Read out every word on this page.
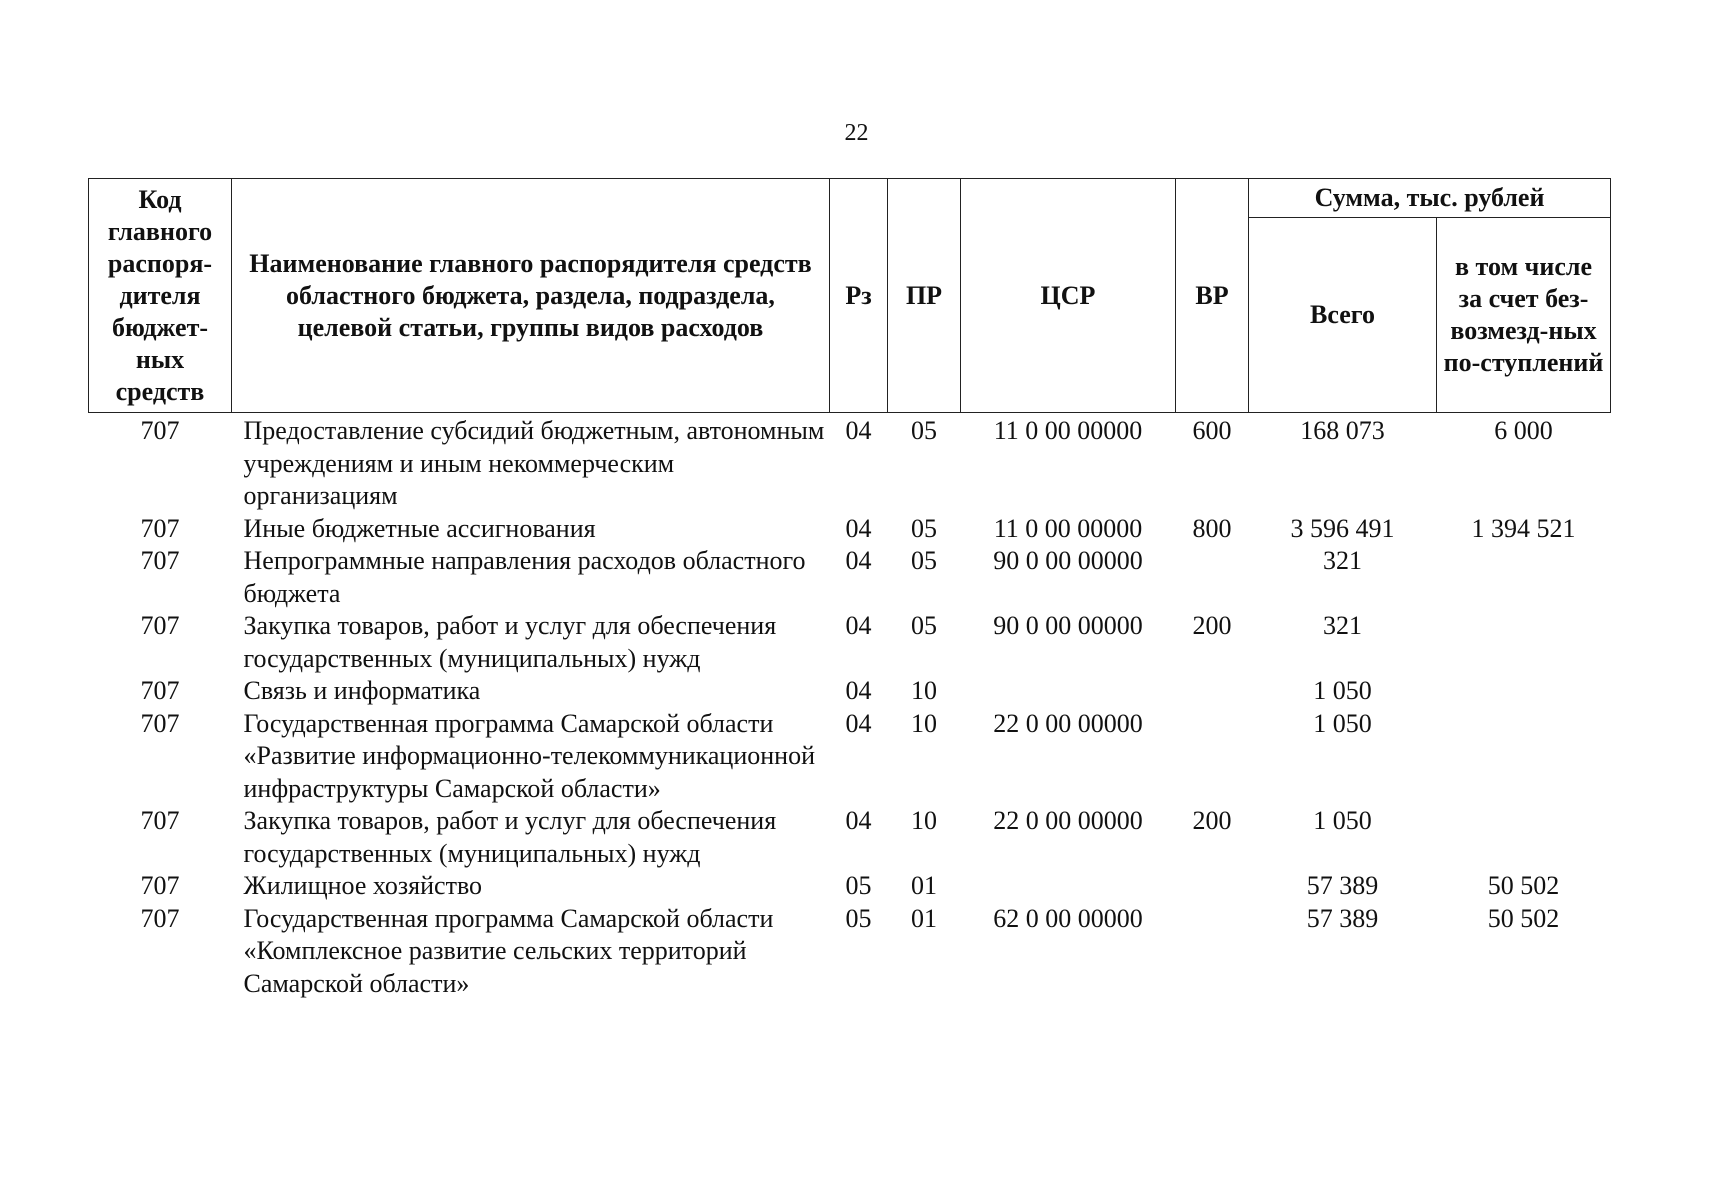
22
Код главного распоря-дителя бюджет-ных средств	Наименование главного распорядителя средств областного бюджета, раздела, подраздела, целевой статьи, группы видов расходов	Рз	ПР	ЦСР	ВР	Сумма, тыс. рублей	
						Всего	в том числе за счет без-возмезд-ных по-ступлений
707	Предоставление субсидий бюджетным, автономным учреждениям и иным некоммерческим организациям	04	05	11 0 00 00000	600	168 073	6 000
707	Иные бюджетные ассигнования	04	05	11 0 00 00000	800	3 596 491	1 394 521
707	Непрограммные направления расходов областного бюджета	04	05	90 0 00 00000		321	
707	Закупка товаров, работ и услуг для обеспечения государственных (муниципальных) нужд	04	05	90 0 00 00000	200	321	
707	Связь и информатика	04	10			1 050	
707	Государственная программа Самарской области «Развитие информационно-телекоммуникационной инфраструктуры Самарской области»	04	10	22 0 00 00000		1 050	
707	Закупка товаров, работ и услуг для обеспечения государственных (муниципальных) нужд	04	10	22 0 00 00000	200	1 050	
707	Жилищное хозяйство	05	01			57 389	50 502
707	Государственная программа Самарской области «Комплексное развитие сельских территорий Самарской области»	05	01	62 0 00 00000		57 389	50 502
